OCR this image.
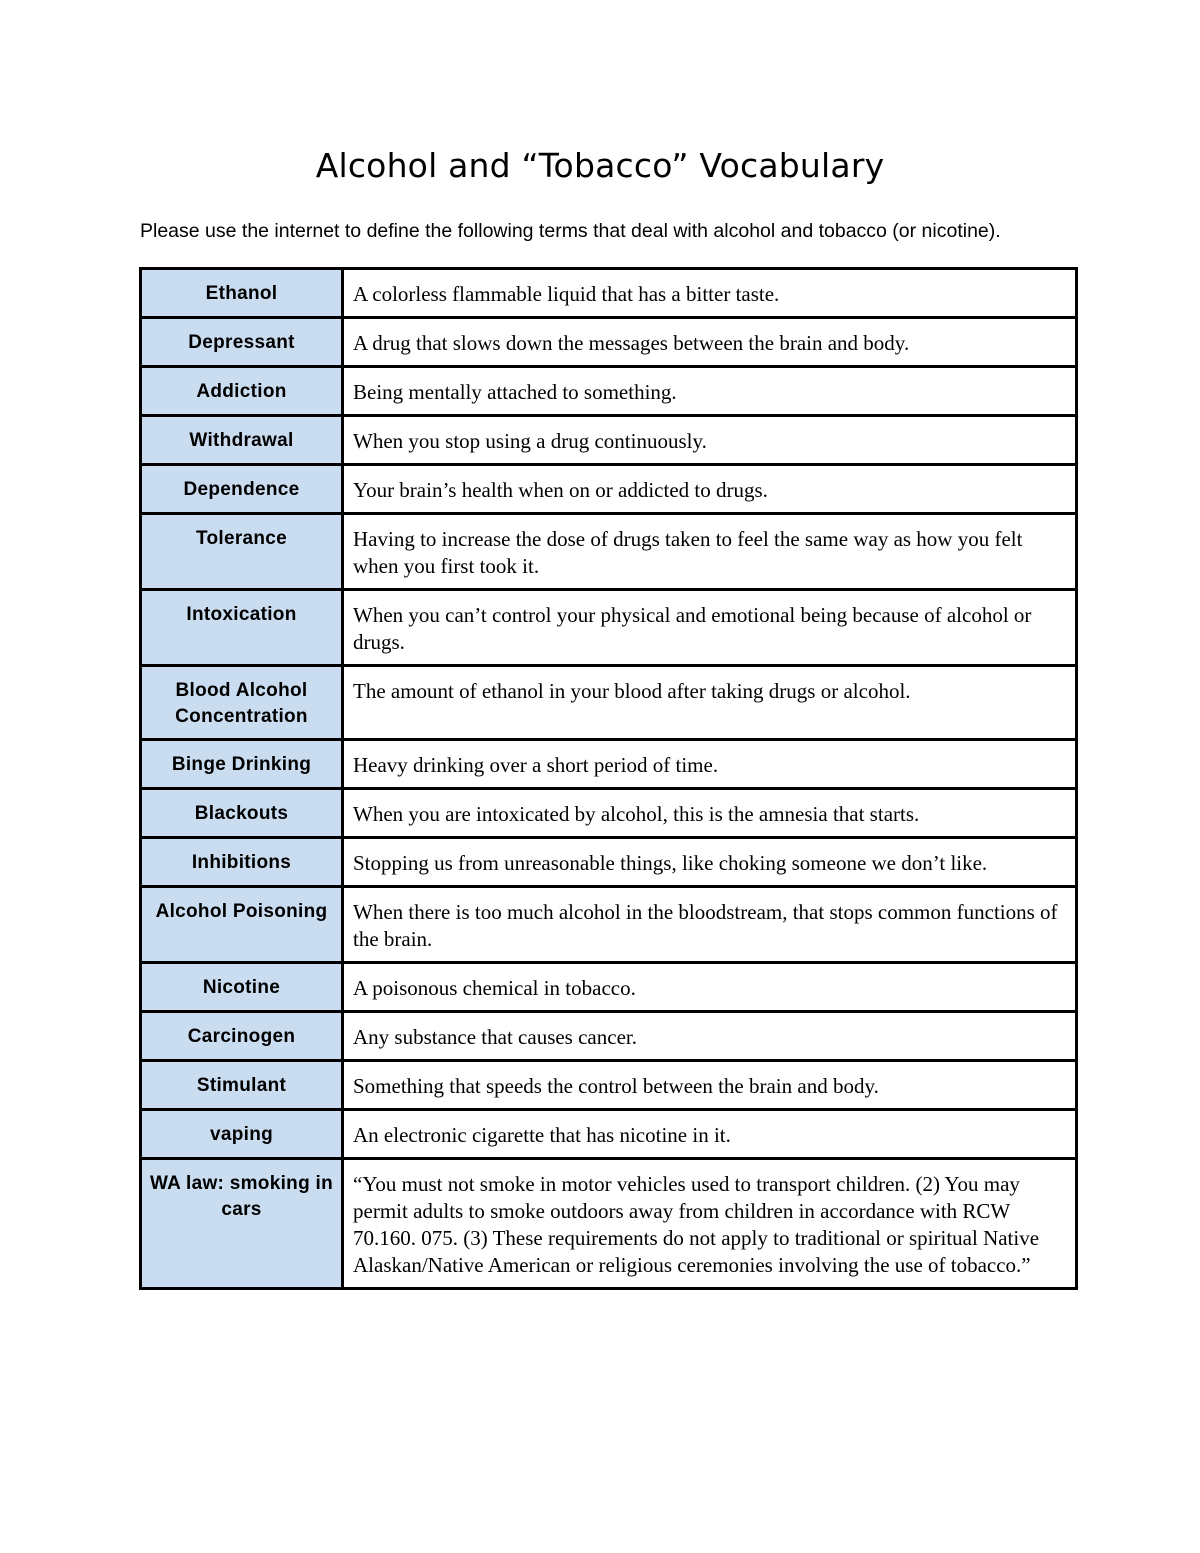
Alcohol and “Tobacco” Vocabulary
Please use the internet to define the following terms that deal with alcohol and tobacco (or nicotine).
Ethanol	A colorless flammable liquid that has a bitter taste.
Depressant	A drug that slows down the messages between the brain and body.
Addiction	Being mentally attached to something.
Withdrawal	When you stop using a drug continuously.
Dependence	Your brain’s health when on or addicted to drugs.
Tolerance	Having to increase the dose of drugs taken to feel the same way as how you felt when you first took it.
Intoxication	When you can’t control your physical and emotional being because of alcohol or drugs.
Blood Alcohol Concentration	The amount of ethanol in your blood after taking drugs or alcohol.
Binge Drinking	Heavy drinking over a short period of time.
Blackouts	When you are intoxicated by alcohol, this is the amnesia that starts.
Inhibitions	Stopping us from unreasonable things, like choking someone we don’t like.
Alcohol Poisoning	When there is too much alcohol in the bloodstream, that stops common functions of the brain.
Nicotine	A poisonous chemical in tobacco.
Carcinogen	Any substance that causes cancer.
Stimulant	Something that speeds the control between the brain and body.
vaping	An electronic cigarette that has nicotine in it.
WA law: smoking in cars	“You must not smoke in motor vehicles used to transport children. (2) You may permit adults to smoke outdoors away from children in accordance with RCW 70.160. 075. (3) These requirements do not apply to traditional or spiritual Native Alaskan/Native American or religious ceremonies involving the use of tobacco.”
